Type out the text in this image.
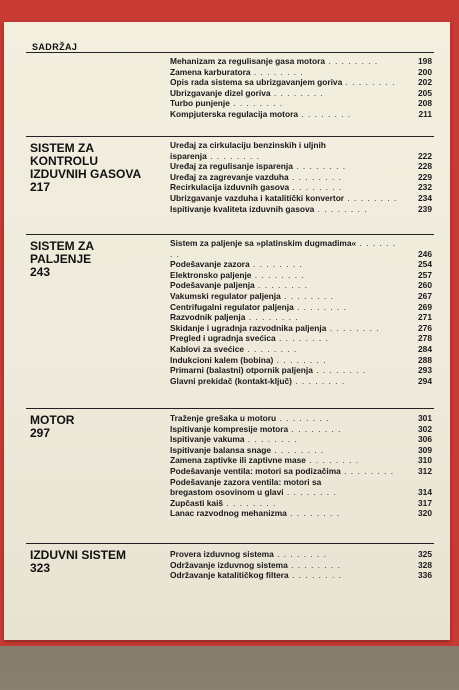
SADRŽAJ
Mehanizam za regulisanje gasa motora . . . . . . . .	198
Zamena karburatora . . . . . . . .	200
Opis rada sistema sa ubrizgavanjem goriva . . . . . . . .	202
Ubrizgavanje dizel goriva . . . . . . . .	205
Turbo punjenje . . . . . . . .	208
Kompjuterska regulacija motora . . . . . . . .	211
SISTEM ZA
KONTROLU
IZDUVNIH GASOVA
217
Uređaj za cirkulaciju benzinskih i uljnih
isparenja . . . . . . . .	222
Uređaj za regulisanje isparenja . . . . . . . .	228
Uređaj za zagrevanje vazduha . . . . . . . .	229
Recirkulacija izduvnih gasova . . . . . . . .	232
Ubrizgavanje vazduha i katalitički konvertor . . . . . . . .	234
Ispitivanje kvaliteta izduvnih gasova . . . . . . . .	239
SISTEM ZA
PALJENJE
243
Sistem za paljenje sa »platinskim dugmadima« . . . . . . . .	246
Podešavanje zazora . . . . . . . .	254
Elektronsko paljenje . . . . . . . .	257
Podešavanje paljenja . . . . . . . .	260
Vakumski regulator paljenja . . . . . . . .	267
Centrifugalni regulator paljenja . . . . . . . .	269
Razvodnik paljenja . . . . . . . .	271
Skidanje i ugradnja razvodnika paljenja . . . . . . . .	276
Pregled i ugradnja svećica . . . . . . . .	278
Kablovi za svećice . . . . . . . .	284
Indukcioni kalem (bobina) . . . . . . . .	288
Primarni (balastni) otpornik paljenja . . . . . . . .	293
Glavni prekidač (kontakt-ključ) . . . . . . . .	294
MOTOR
297
Traženje grešaka u motoru . . . . . . . .	301
Ispitivanje kompresije motora . . . . . . . .	302
Ispitivanje vakuma . . . . . . . .	306
Ispitivanje balansa snage . . . . . . . .	309
Zamena zaptivke ili zaptivne mase . . . . . . . .	310
Podešavanje ventila: motori sa podizačima . . . . . . . .	312
Podešavanje zazora ventila: motori sa
bregastom osovinom u glavi . . . . . . . .	314
Zupčasti kaiš . . . . . . . .	317
Lanac razvodnog mehanizma . . . . . . . .	320
IZDUVNI SISTEM
323
Provera izduvnog sistema . . . . . . . .	325
Održavanje izduvnog sistema . . . . . . . .	328
Održavanje katalitičkog filtera . . . . . . . .	336
